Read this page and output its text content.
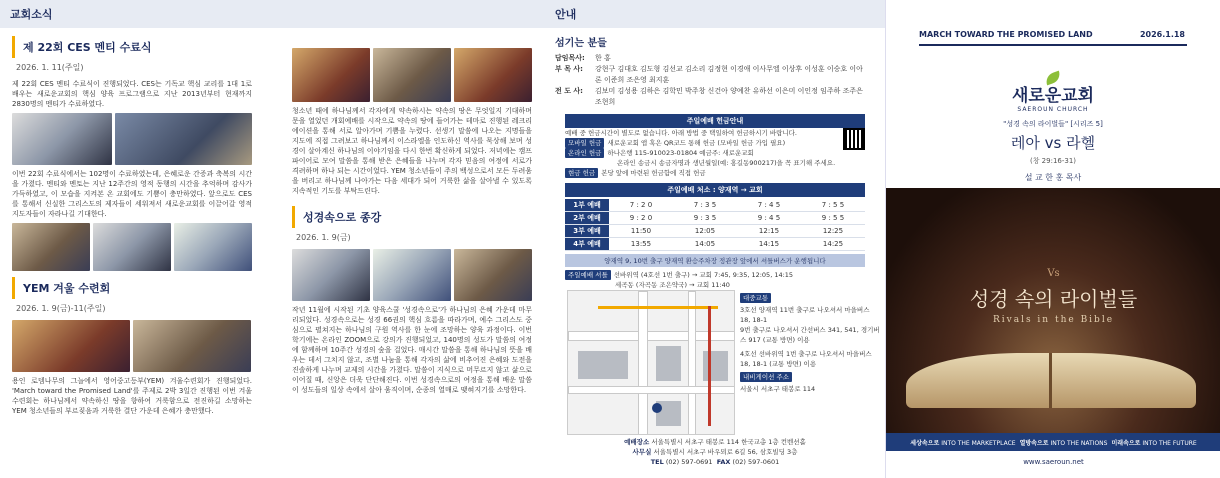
교회소식
제 22회 CES 멘티 수료식
2026. 1. 11(주일)
제 22회 CES 멘티 수료식이 진행되었다. CES는 기독교 핵심 교리를 1대 1로 배우는 새로운교회의 핵심 양육 프로그램으로 지난 2013년부터 현재까지 2830명의 멘티가 수료하였다.
이번 22회 수료식에서는 102명이 수료하였는데, 은혜로운 간증과 축복의 시간을 가졌다. 멘티와 멘토는 지난 12주간의 영적 동행의 시간을 추억하며 감사가 가득하였고, 이 모습을 지켜본 온 교회에도 기쁨이 충만하였다. 앞으로도 CES를 통해서 신실한 그리스도의 제자들이 세워져서 새로운교회를 이끌어갈 영적 지도자들이 자라나길 기대한다.
YEM 겨울 수련회
2026. 1. 9(금)-11(주일)
용인 로뎀나무의 그늘에서 영어중고등부(YEM) 겨울수련회가 진행되었다. 'March toward the Promised Land'를 주제로 2박 3일간 진행된 이번 겨울수련회는 하나님께서 약속하신 땅을 향하여 거룩함으로 전진하길 소망하는 YEM 청소년들의 부르짖음과 거룩한 결단 가운데 은혜가 충만했다.
청소년 때에 하나님께서 각자에게 약속하시는 약속의 땅은 무엇일지 기대하며 문을 열었던 개회예배를 시작으로 약속의 땅에 들어가는 테마로 진행된 레크리에이션을 통해 서로 알아가며 기쁨을 누렸다. 선생기 말씀에 나오는 지명들을 지도에 직접 그려보고 하나님께서 이스라엘을 인도하신 역사를 묵상해 보며 성경이 살아계신 하나님의 이야기임을 다시 한번 확신하게 되었다. 저녁에는 캠프파이어로 모여 말씀을 통해 받은 은혜들을 나누며 각자 믿음의 여정에 서로가 격려하며 하나 되는 시간이었다. YEM 청소년들이 주의 백성으로서 모든 두려움을 버리고 하나님께 나아가는 다음 세대가 되어 거룩한 삶을 살아낼 수 있도록 지속적인 기도를 부탁드린다.
성경속으로 종강
2026. 1. 9(금)
작년 11월에 시작된 기초 양육스쿨 '성경속으로'가 하나님의 은혜 가운데 마무리되었다. 성경속으로는 성경 66권의 핵심 흐름을 따라가며, 예수 그리스도 중심으로 펼쳐지는 하나님의 구원 역사를 한 눈에 조망하는 양육 과정이다. 이번 학기에는 온라인 ZOOM으로 강의가 진행되었고, 140명의 성도가 말씀의 여정에 함께하며 10주간 성경의 숲을 걸었다. 매시간 말씀을 통해 하나님의 뜻을 배우는 데서 그치지 않고, 조별 나눔을 통해 각자의 삶에 비추어진 은혜와 도전을 진솔하게 나누며 교제의 시간을 가졌다. 말씀이 지식으로 머무르지 않고 삶으로 이어질 때, 신앙은 더욱 단단해진다. 이번 성경속으로의 여정을 통해 배운 말씀이 성도들의 일상 속에서 살아 움직이며, 순종의 열매로 맺혀지기를 소망한다.
안내
섬기는 분들
담임목사:	한 홍
부 목 사:	강현구 김대호 김도형 김선교 김소리 김정현 이경애 이사무엘 이상후 이성훈 이승호 이아론 이준희 조은영 최지훈
전 도 사:	김보미 김성용 김하은 김학민 박주창 신건아 양예찬 유하선 이은미 이인정 임주하 조주은 조현희
주일예배 헌금안내
예배 중 헌금시간이 별도로 없습니다. 아래 방법 중 택일하여 헌금하시기 바랍니다.
모바일 헌금 새로운교회 앱 혹은 QR코드 통해 헌금 (모바일 헌금 가입 필요)
온라인 헌금 하나은행 115-910023-01804 예금주: 새로운교회
온라인 송금시 송금자명과 생년월일(예: 홍길동900217)을 꼭 표기해 주세요.
현금 헌금 본당 앞에 마련된 헌금함에 직접 헌금
주일예배 처소 : 양재역 → 교회
1부 예배	7 : 2 0	7 : 3 5	7 : 4 5	7 : 5 5
2부 예배	9 : 2 0	9 : 3 5	9 : 4 5	9 : 5 5
3부 예배	11:50	12:05	12:15	12:25
4부 예배	13:55	14:05	14:15	14:25
양재역 9, 10번 출구 양재역 환승주차장 정관장 앞에서 셔틀버스가 운행됩니다
주일예배 셔틀 선바위역 (4호선 1번 출구) → 교회 7:45, 9:35, 12:05, 14:15
세곡동 (자곡동 조은약국) → 교회 11:40
대중교통
3호선 양재역 11번 출구로 나오셔서 마을버스 18, 18-1
9번 출구로 나오셔서 간선버스 341, 541, 경기버스 917 (교통 방면) 이용
4호선 선바위역 1번 출구로 나오셔서 마을버스 18, 18-1 (교통 방면) 이용
내비게이션 주소
서울시 서초구 태봉로 114
예배장소 서울특별시 서초구 태봉로 114 한국교총 1층 컨벤션홀
사무실 서울특별시 서초구 바우뫼로 6길 56, 삼호빌딩 3층
TEL (02) 597-0691 FAX (02) 597-0601
MARCH TOWARD THE PROMISED LAND	2026.1.18
새로운교회
SAEROUN CHURCH
"성경 속의 라이벌들" [시리즈 5]
레아 vs 라헬
(창 29:16-31)
설 교 한 홍 목사
Vs
성경 속의 라이벌들
Rivals in the Bible
세상속으로 INTO THE MARKETPLACE 열방속으로 INTO THE NATIONS 미래속으로 INTO THE FUTURE
www.saeroun.net
